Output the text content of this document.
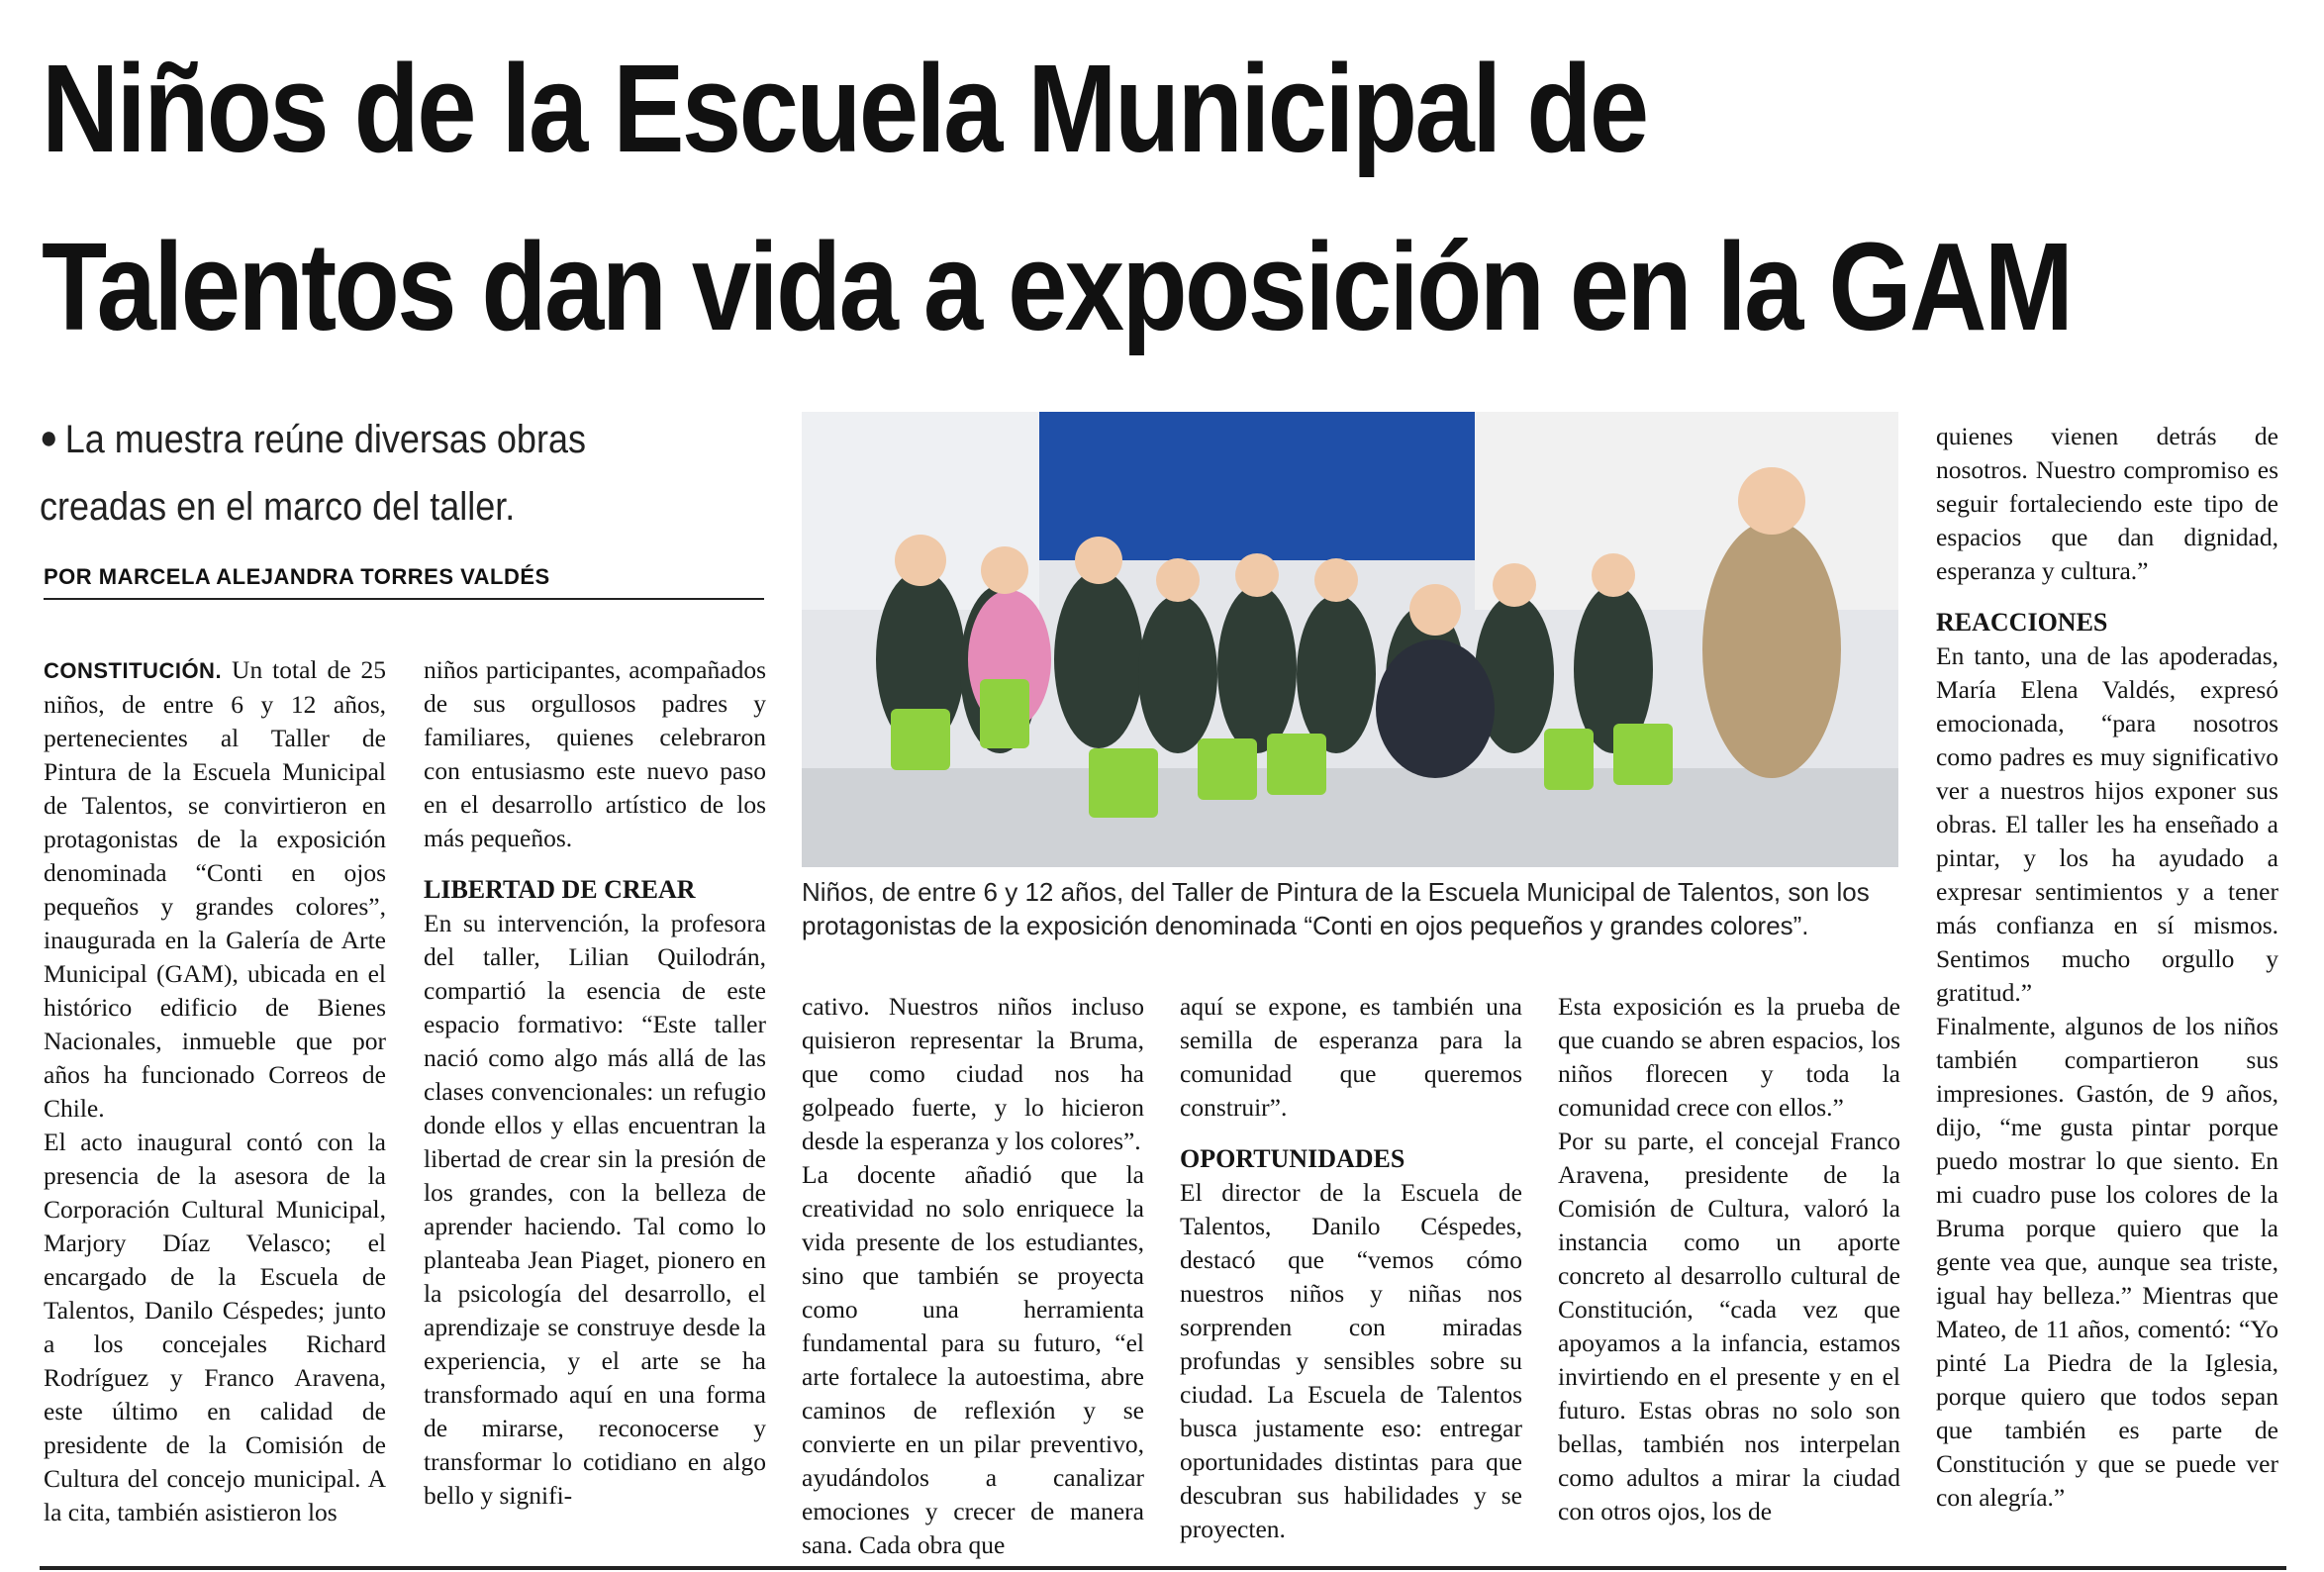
Niños de la Escuela Municipal de
Talentos dan vida a exposición en la GAM
● La muestra reúne diversas obras creadas en el marco del taller.
POR MARCELA ALEJANDRA TORRES VALDÉS

CONSTITUCIÓN. Un total de 25 niños, de entre 6 y 12 años, pertenecientes al Taller de Pintura de la Escuela Municipal de Talentos, se convirtieron en protagonistas de la exposición denominada “Conti en ojos pequeños y grandes colores”, inaugurada en la Galería de Arte Municipal (GAM), ubicada en el histórico edificio de Bienes Nacionales, inmueble que por años ha funcionado Correos de Chile.

El acto inaugural contó con la presencia de la asesora de la Corporación Cultural Municipal, Marjory Díaz Velasco; el encargado de la Escuela de Talentos, Danilo Céspedes; junto a los concejales Richard Rodríguez y Franco Aravena, este último en calidad de presidente de la Comisión de Cultura del concejo municipal. A la cita, también asistieron los

niños participantes, acompañados de sus orgullosos padres y familiares, quienes celebraron con entusiasmo este nuevo paso en el desarrollo artístico de los más pequeños.

LIBERTAD DE CREAR

En su intervención, la profesora del taller, Lilian Quilodrán, compartió la esencia de este espacio formativo: “Este taller nació como algo más allá de las clases convencionales: un refugio donde ellos y ellas encuentran la libertad de crear sin la presión de los grandes, con la belleza de aprender haciendo. Tal como lo planteaba Jean Piaget, pionero en la psicología del desarrollo, el aprendizaje se construye desde la experiencia, y el arte se ha transformado aquí en una forma de mirarse, reconocerse y transformar lo cotidiano en algo bello y signifi-

Niños, de entre 6 y 12 años, del Taller de Pintura de la Escuela Municipal de Talentos, son los protagonistas de la exposición denominada “Conti en ojos pequeños y grandes colores”.

cativo. Nuestros niños incluso quisieron representar la Bruma, que como ciudad nos ha golpeado fuerte, y lo hicieron desde la esperanza y los colores”.

La docente añadió que la creatividad no solo enriquece la vida presente de los estudiantes, sino que también se proyecta como una herramienta fundamental para su futuro, “el arte fortalece la autoestima, abre caminos de reflexión y se convierte en un pilar preventivo, ayudándolos a canalizar emociones y crecer de manera sana. Cada obra que

aquí se expone, es también una semilla de esperanza para la comunidad que queremos construir”.

OPORTUNIDADES

El director de la Escuela de Talentos, Danilo Céspedes, destacó que “vemos cómo nuestros niños y niñas nos sorprenden con miradas profundas y sensibles sobre su ciudad. La Escuela de Talentos busca justamente eso: entregar oportunidades distintas para que descubran sus habilidades y se proyecten.

Esta exposición es la prueba de que cuando se abren espacios, los niños florecen y toda la comunidad crece con ellos.”

Por su parte, el concejal Franco Aravena, presidente de la Comisión de Cultura, valoró la instancia como un aporte concreto al desarrollo cultural de Constitución, “cada vez que apoyamos a la infancia, estamos invirtiendo en el presente y en el futuro. Estas obras no solo son bellas, también nos interpelan como adultos a mirar la ciudad con otros ojos, los de

quienes vienen detrás de nosotros. Nuestro compromiso es seguir fortaleciendo este tipo de espacios que dan dignidad, esperanza y cultura.”

REACCIONES

En tanto, una de las apoderadas, María Elena Valdés, expresó emocionada, “para nosotros como padres es muy significativo ver a nuestros hijos exponer sus obras. El taller les ha enseñado a pintar, y los ha ayudado a expresar sentimientos y a tener más confianza en sí mismos. Sentimos mucho orgullo y gratitud.”

Finalmente, algunos de los niños también compartieron sus impresiones. Gastón, de 9 años, dijo, “me gusta pintar porque puedo mostrar lo que siento. En mi cuadro puse los colores de la Bruma porque quiero que la gente vea que, aunque sea triste, igual hay belleza.” Mientras que Mateo, de 11 años, comentó: “Yo pinté La Piedra de la Iglesia, porque quiero que todos sepan que también es parte de Constitución y que se puede ver con alegría.”
